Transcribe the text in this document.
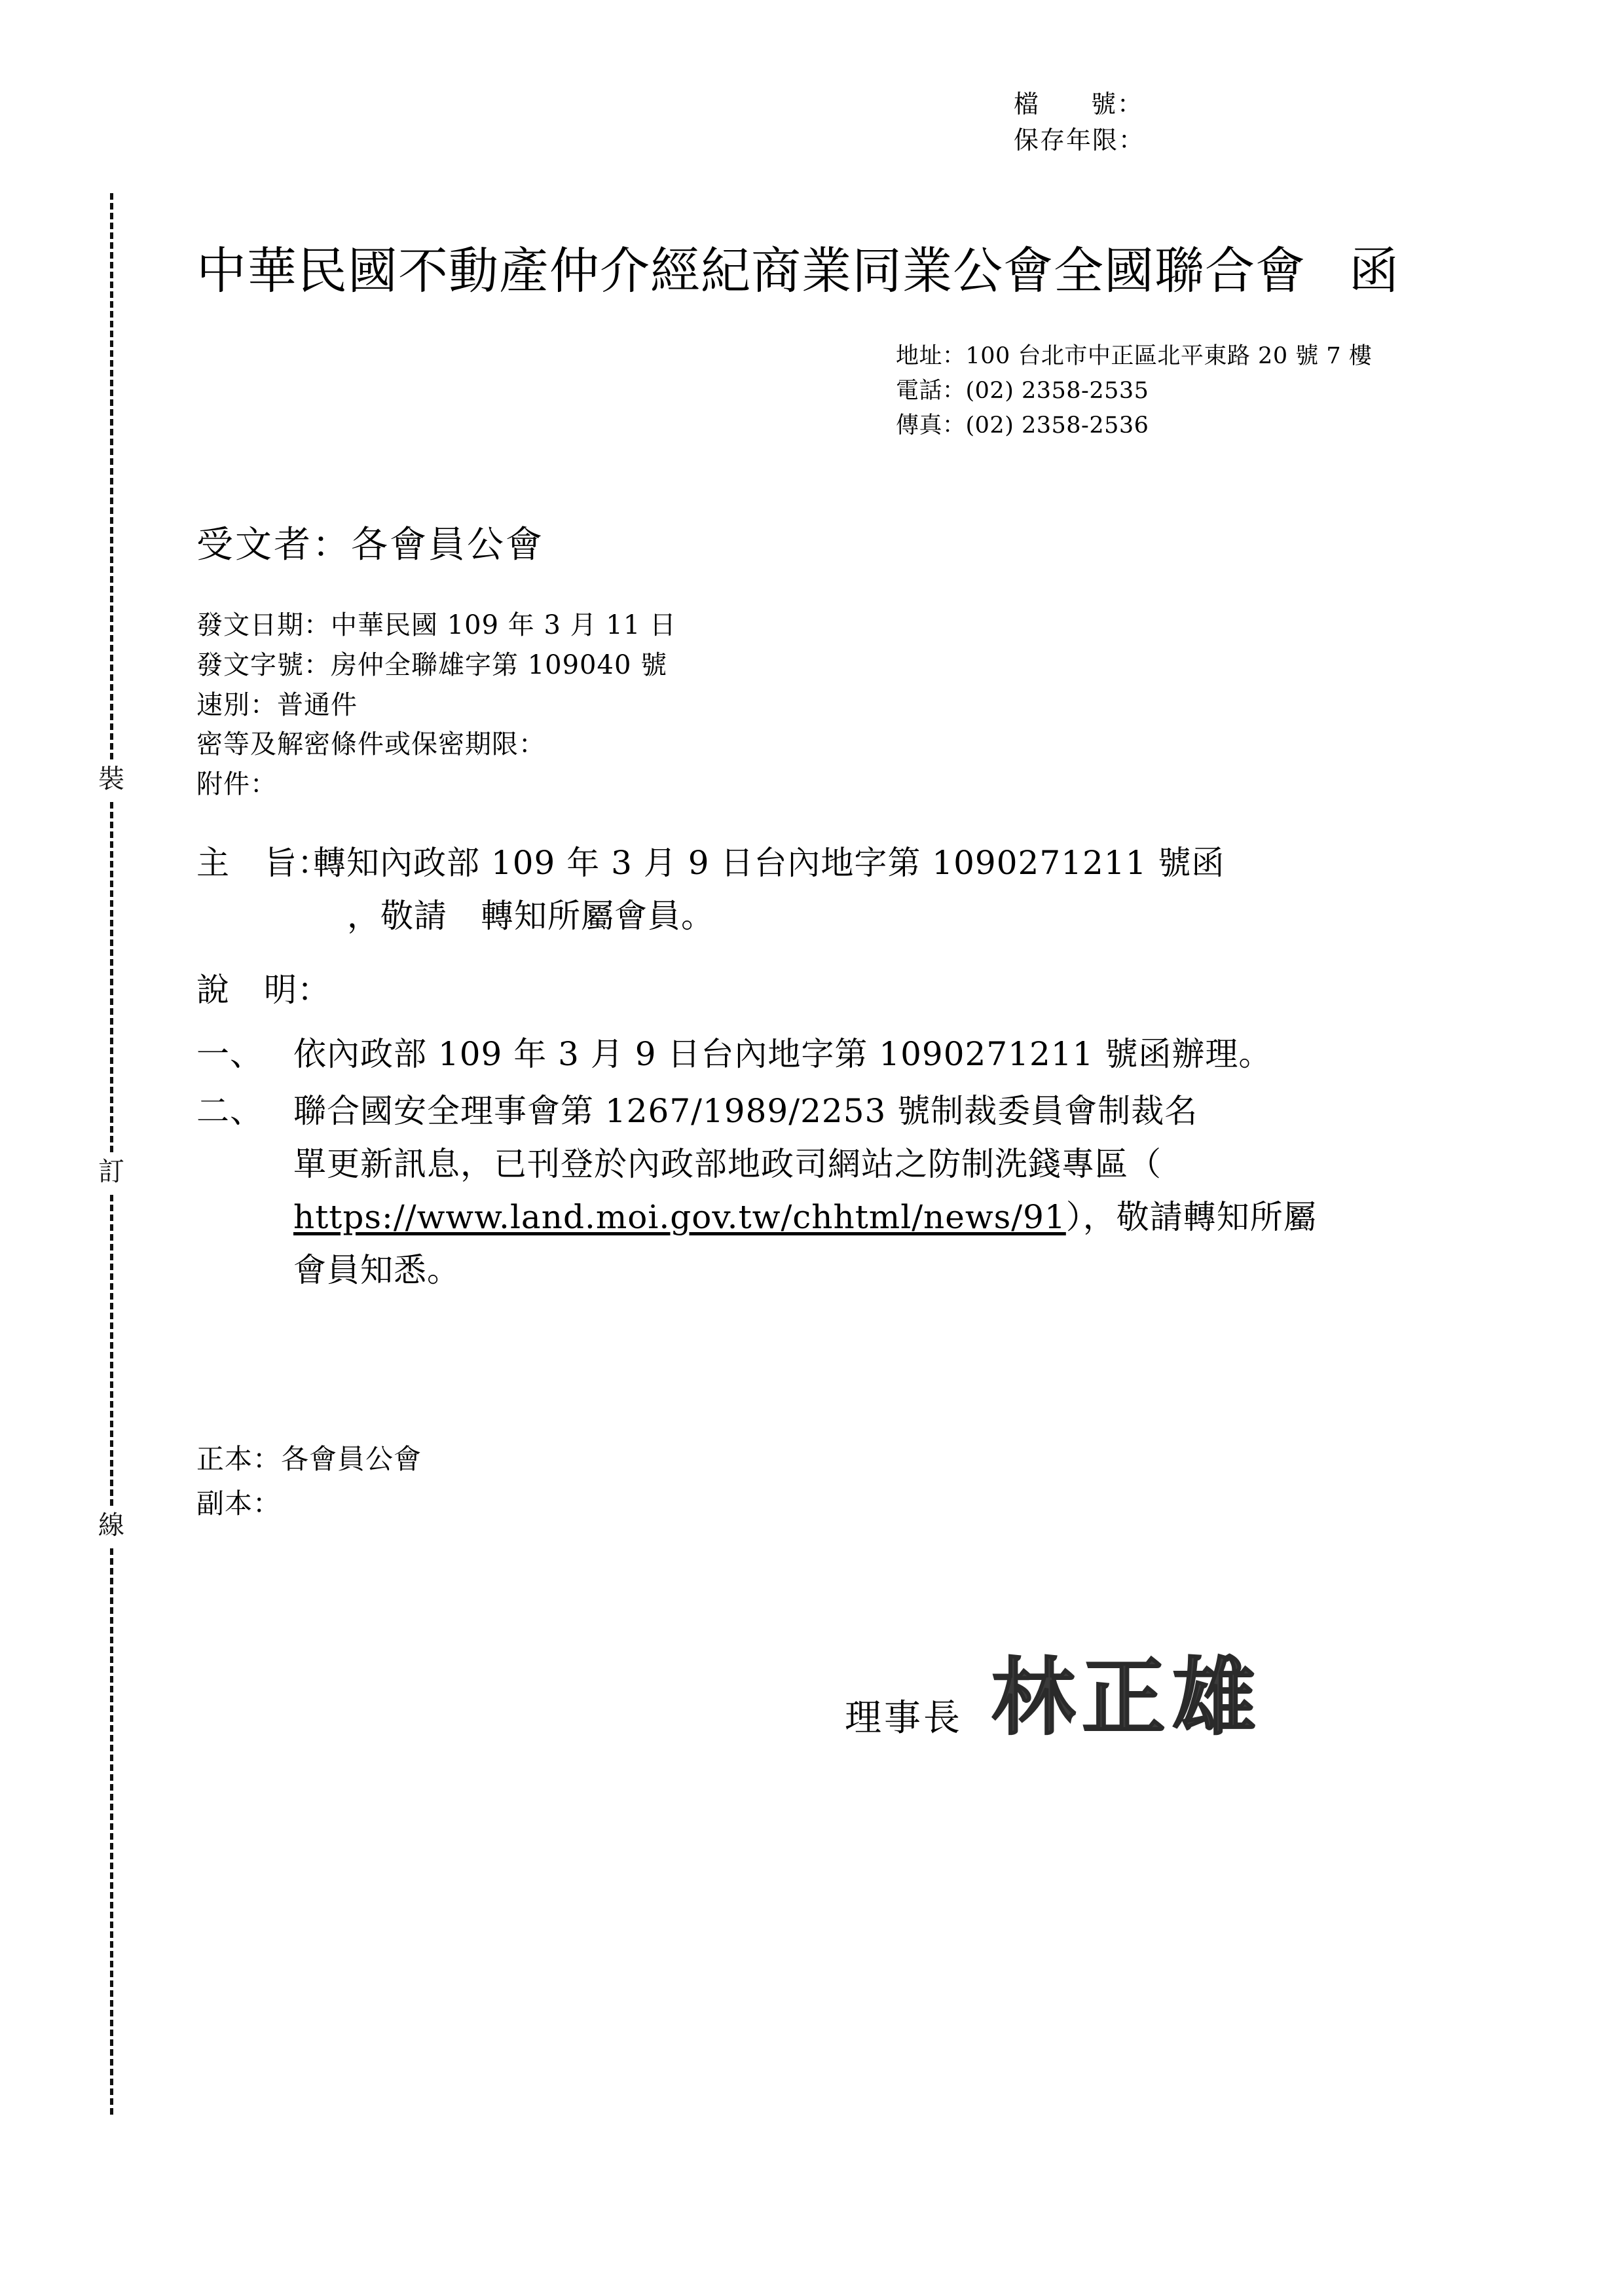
裝
訂
線
檔 號：
保存年限：
中華民國不動產仲介經紀商業同業公會全國聯合會 函
地址：100 台北市中正區北平東路 20 號 7 樓
電話：(02) 2358-2535
傳真：(02) 2358-2536
受文者：各會員公會
發文日期：中華民國 109 年 3 月 11 日
發文字號：房仲全聯雄字第 109040 號
速別：普通件
密等及解密條件或保密期限：
附件：
主 旨：轉知內政部 109 年 3 月 9 日台內地字第 1090271211 號函
，敬請　轉知所屬會員。
說 明：
一、 依內政部 109 年 3 月 9 日台內地字第 1090271211 號函辦理。
二、 聯合國安全理事會第 1267/1989/2253 號制裁委員會制裁名
單更新訊息，已刊登於內政部地政司網站之防制洗錢專區（
https://www.land.moi.gov.tw/chhtml/news/91），敬請轉知所屬
會員知悉。
正本：各會員公會
副本：
理事長 林正雄
